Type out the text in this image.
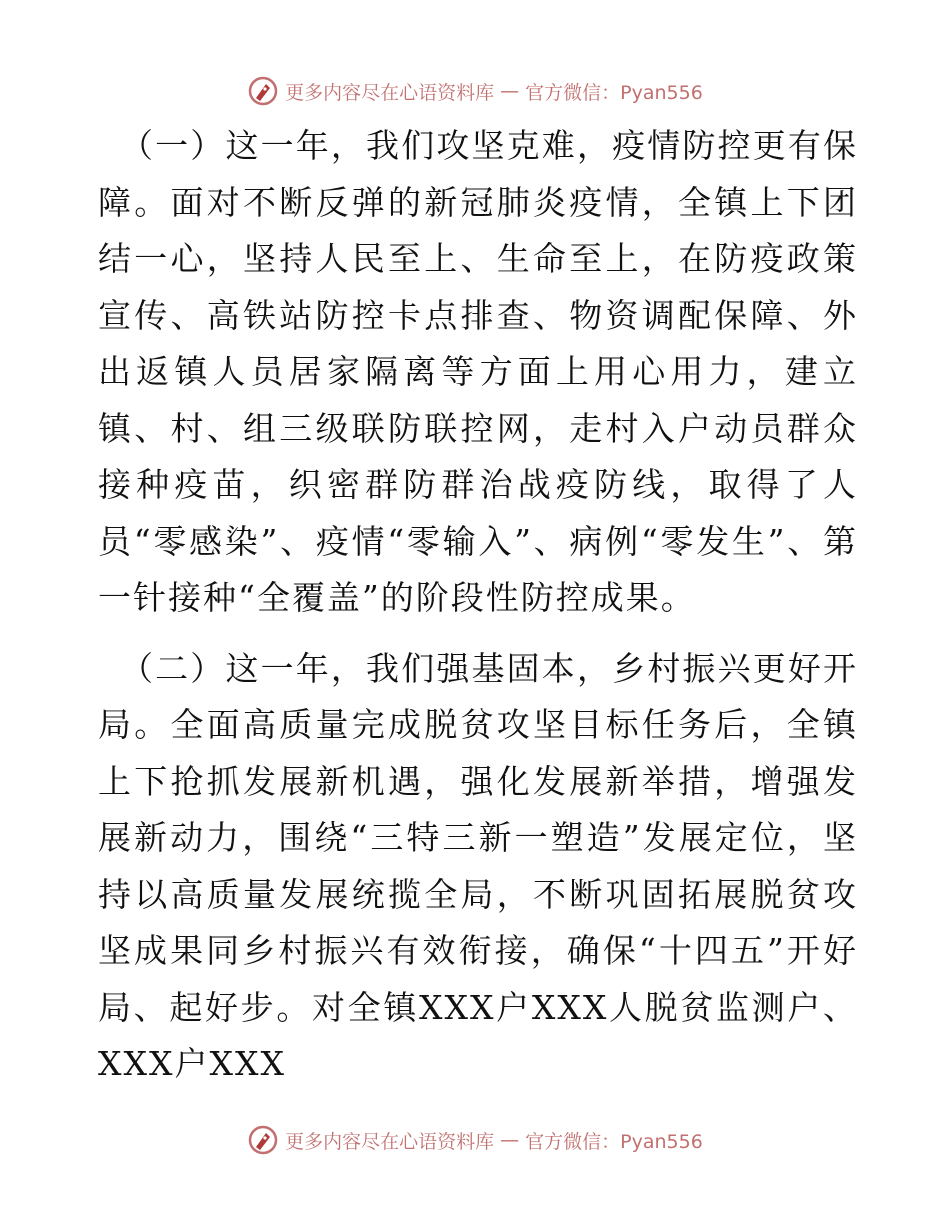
更多内容尽在心语资料库 — 官方微信：Pyan556

（一）这一年，我们攻坚克难，疫情防控更有保障。面对不断反弹的新冠肺炎疫情，全镇上下团结一心，坚持人民至上、生命至上，在防疫政策宣传、高铁站防控卡点排查、物资调配保障、外出返镇人员居家隔离等方面上用心用力，建立镇、村、组三级联防联控网，走村入户动员群众接种疫苗，织密群防群治战疫防线，取得了人员“零感染”、疫情“零输入”、病例“零发生”、第一针接种“全覆盖”的阶段性防控成果。

（二）这一年，我们强基固本，乡村振兴更好开局。全面高质量完成脱贫攻坚目标任务后，全镇上下抢抓发展新机遇，强化发展新举措，增强发展新动力，围绕“三特三新一塑造”发展定位，坚持以高质量发展统揽全局，不断巩固拓展脱贫攻坚成果同乡村振兴有效衔接，确保“十四五”开好局、起好步。对全镇XXX户XXX人脱贫监测户、XXX户XXX

更多内容尽在心语资料库 — 官方微信：Pyan556
